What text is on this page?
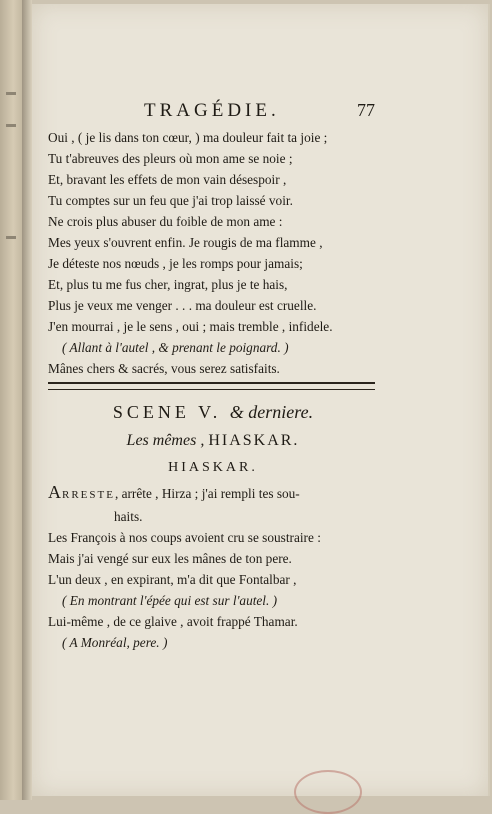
TRAGÉDIE.	77
Oui , ( je lis dans ton cœur, ) ma douleur fait ta joie ;
Tu t'abreuves des pleurs où mon ame se noie ;
Et, bravant les effets de mon vain désespoir ,
Tu comptes sur un feu que j'ai trop laissé voir.
Ne crois plus abuser du foible de mon ame :
Mes yeux s'ouvrent enfin. Je rougis de ma flamme ,
Je déteste nos nœuds , je les romps pour jamais;
Et, plus tu me fus cher, ingrat, plus je te hais,
Plus je veux me venger . . . ma douleur est cruelle.
J'en mourrai , je le sens , oui ; mais tremble , infidele.
( Allant à l'autel , & prenant le poignard. )
Mânes chers & sacrés, vous serez satisfaits.
SCENE V. & derniere.
Les mêmes , HIASKAR.
HIASKAR.
ARRESTE, arrête , Hirza ; j'ai rempli tes sou-
haits.
Les François à nos coups avoient cru se soustraire :
Mais j'ai vengé sur eux les mânes de ton pere.
L'un deux , en expirant, m'a dit que Fontalbar ,
( En montrant l'épée qui est sur l'autel. )
Lui-même , de ce glaive , avoit frappé Thamar.
( A Monréal, pere. )
